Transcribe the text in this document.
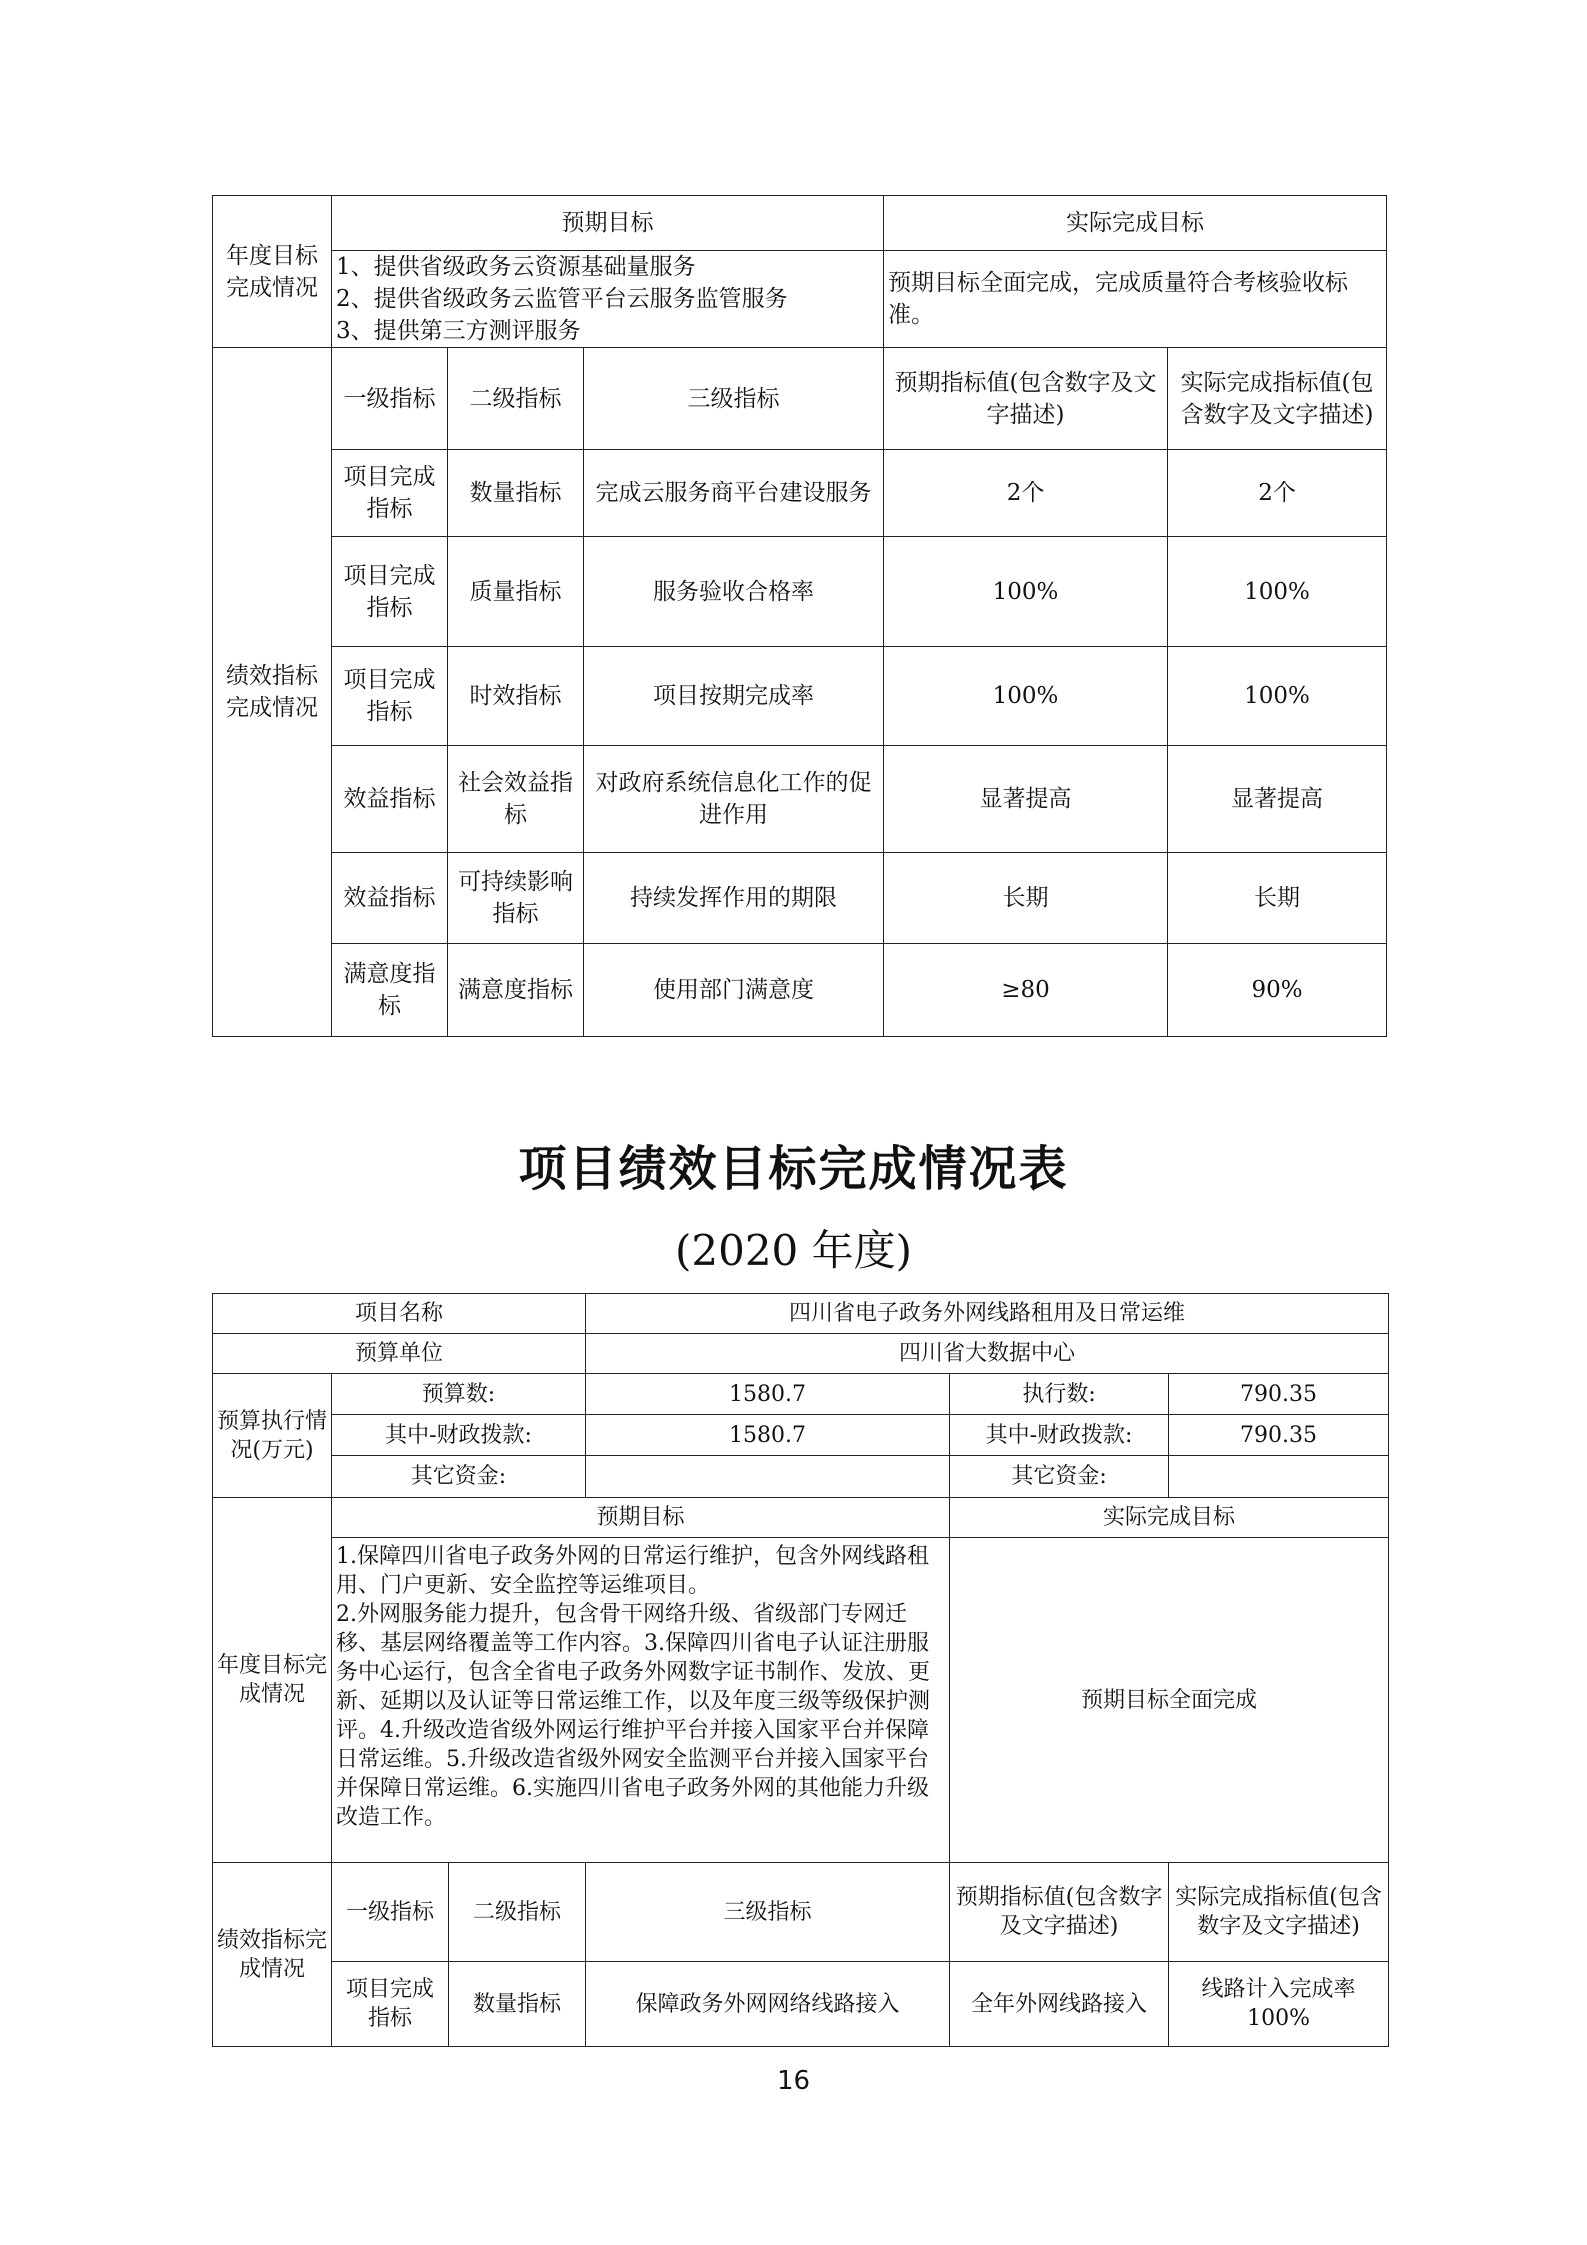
年度目标完成情况	预期目标			实际完成目标	

	1、提供省级政务云资源基础量服务
2、提供省级政务云监管平台云服务监管服务
3、提供第三方测评服务			预期目标全面完成，完成质量符合考核验收标准。	
绩效指标完成情况	一级指标	二级指标	三级指标	预期指标值(包含数字及文字描述)	实际完成指标值(包含数字及文字描述)
	项目完成指标	数量指标	完成云服务商平台建设服务	2个	2个
	项目完成指标	质量指标	服务验收合格率	100%	100%
	项目完成指标	时效指标	项目按期完成率	100%	100%
	效益指标	社会效益指标	对政府系统信息化工作的促进作用	显著提高	显著提高
	效益指标	可持续影响指标	持续发挥作用的期限	长期	长期
	满意度指标	满意度指标	使用部门满意度	≥80	90%
项目绩效目标完成情况表
(2020 年度)
项目名称			四川省电子政务外网线路租用及日常运维		
预算单位			四川省大数据中心		
预算执行情况(万元)	预算数:		1580.7	执行数:	790.35
	其中-财政拨款:		1580.7	其中-财政拨款:	790.35
	其它资金:			其它资金:	
年度目标完成情况	预期目标			实际完成目标	
	1.保障四川省电子政务外网的日常运行维护，包含外网线路租用、门户更新、安全监控等运维项目。
2.外网服务能力提升，包含骨干网络升级、省级部门专网迁移、基层网络覆盖等工作内容。3.保障四川省电子认证注册服务中心运行，包含全省电子政务外网数字证书制作、发放、更新、延期以及认证等日常运维工作，以及年度三级等级保护测评。4.升级改造省级外网运行维护平台并接入国家平台并保障日常运维。5.升级改造省级外网安全监测平台并接入国家平台并保障日常运维。6.实施四川省电子政务外网的其他能力升级改造工作。			预期目标全面完成	
绩效指标完成情况	一级指标	二级指标	三级指标	预期指标值(包含数字及文字描述)	实际完成指标值(包含数字及文字描述)
	项目完成指标	数量指标	保障政务外网网络线路接入	全年外网线路接入	线路计入完成率100%
16
